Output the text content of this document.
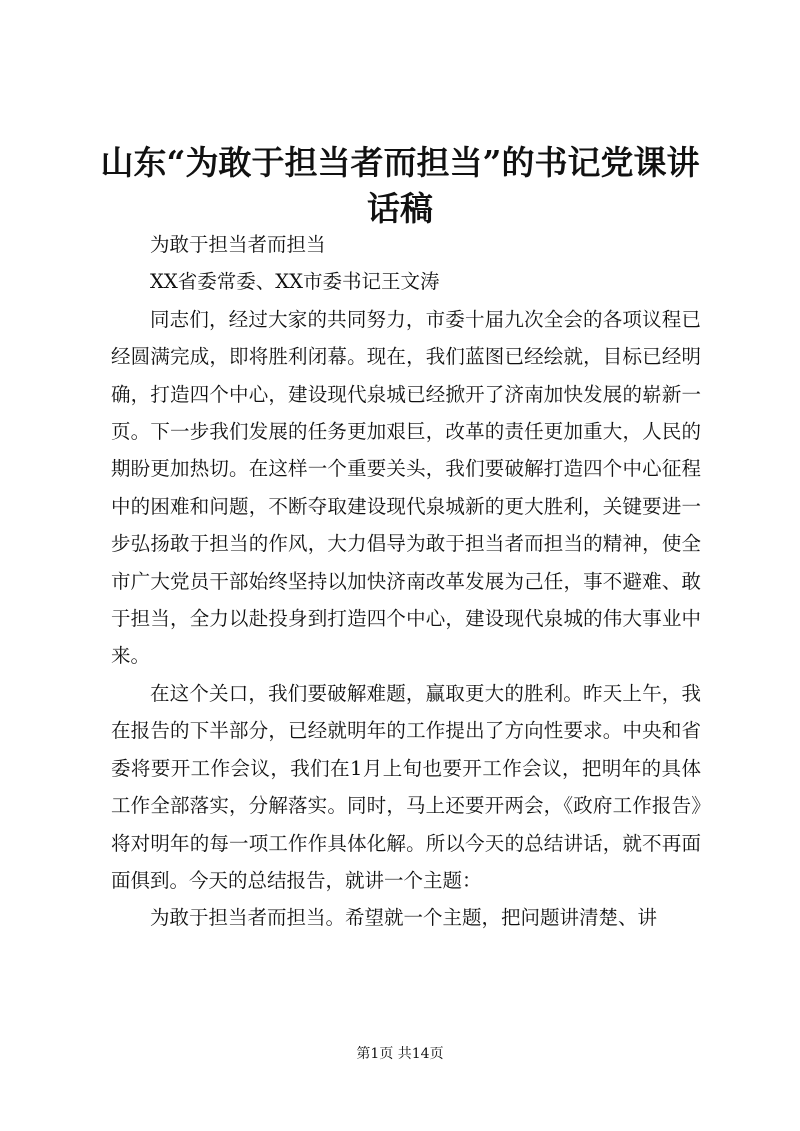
山东“为敢于担当者而担当”的书记党课讲话稿

为敢于担当者而担当

XX省委常委、XX市委书记王文涛

同志们，经过大家的共同努力，市委十届九次全会的各项议程已经圆满完成，即将胜利闭幕。现在，我们蓝图已经绘就，目标已经明确，打造四个中心，建设现代泉城已经掀开了济南加快发展的崭新一页。下一步我们发展的任务更加艰巨，改革的责任更加重大，人民的期盼更加热切。在这样一个重要关头，我们要破解打造四个中心征程中的困难和问题，不断夺取建设现代泉城新的更大胜利，关键要进一步弘扬敢于担当的作风，大力倡导为敢于担当者而担当的精神，使全市广大党员干部始终坚持以加快济南改革发展为己任，事不避难、敢于担当，全力以赴投身到打造四个中心，建设现代泉城的伟大事业中来。

在这个关口，我们要破解难题，赢取更大的胜利。昨天上午，我在报告的下半部分，已经就明年的工作提出了方向性要求。中央和省委将要开工作会议，我们在1月上旬也要开工作会议，把明年的具体工作全部落实，分解落实。同时，马上还要开两会，《政府工作报告》将对明年的每一项工作作具体化解。所以今天的总结讲话，就不再面面俱到。今天的总结报告，就讲一个主题：

为敢于担当者而担当。希望就一个主题，把问题讲清楚、讲

第1页 共14页
